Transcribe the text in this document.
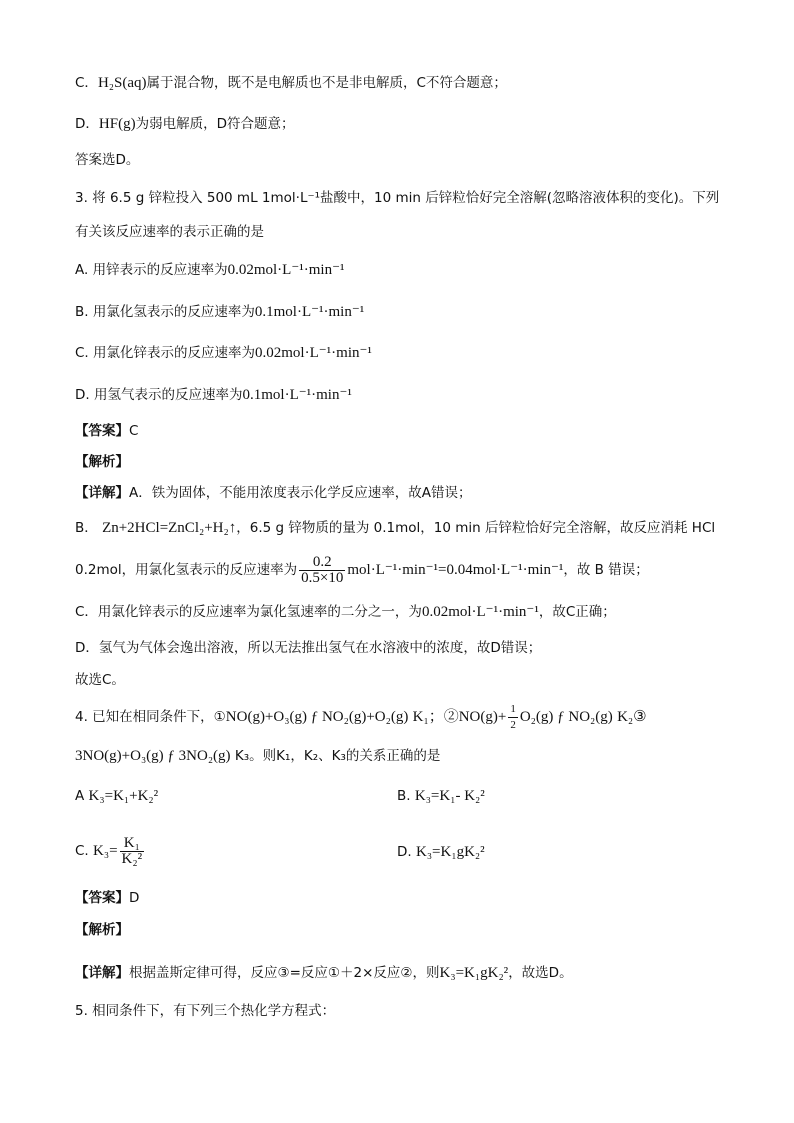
C．H₂S(aq)属于混合物，既不是电解质也不是非电解质，C不符合题意；
D．HF(g)为弱电解质，D符合题意；
答案选D。
3. 将 6.5 g 锌粒投入 500 mL 1mol·L⁻¹盐酸中，10 min 后锌粒恰好完全溶解(忽略溶液体积的变化)。下列
有关该反应速率的表示正确的是
A. 用锌表示的反应速率为0.02mol·L⁻¹·min⁻¹
B. 用氯化氢表示的反应速率为0.1mol·L⁻¹·min⁻¹
C. 用氯化锌表示的反应速率为0.02mol·L⁻¹·min⁻¹
D. 用氢气表示的反应速率为0.1mol·L⁻¹·min⁻¹
【答案】C
【解析】
【详解】A．铁为固体，不能用浓度表示化学反应速率，故A错误；
B． Zn+2HCl=ZnCl₂+H₂↑，6.5 g 锌物质的量为 0.1mol，10 min 后锌粒恰好完全溶解，故反应消耗 HCl
0.2mol，用氯化氢表示的反应速率为 $\frac{0.2}{0.5\times 10} mol\cdot L^{-1}\cdot\min^{-1}=0.04mol\cdot L^{-1}\cdot\min^{-1}$，故 B 错误；
C．用氯化锌表示的反应速率为氯化氢速率的二分之一，为0.02mol·L⁻¹·min⁻¹，故C正确；
D．氢气为气体会逸出溶液，所以无法推出氢气在水溶液中的浓度，故D错误；
故选C。
4. 已知在相同条件下，①NO(g)+O₃(g) ƒ NO₂(g)+O₂(g) K₁；②NO(g)+ $\frac{1}{2} O_2(g)$ ƒ NO₂(g) K₂③
3NO(g)+O₃(g) ƒ 3NO₂(g) K₃。则K₁，K₂、K₃的关系正确的是
A K₃=K₁+K₂²	B. K₃=K₁- K₂²
C. $K_3= \frac{\text{K₁}}{\text{K₂²}}$	D. K₃=K₁gK₂²
【答案】D
【解析】
【详解】根据盖斯定律可得，反应③=反应①＋2×反应②，则K₃=K₁gK₂²，故选D。
5. 相同条件下，有下列三个热化学方程式：
